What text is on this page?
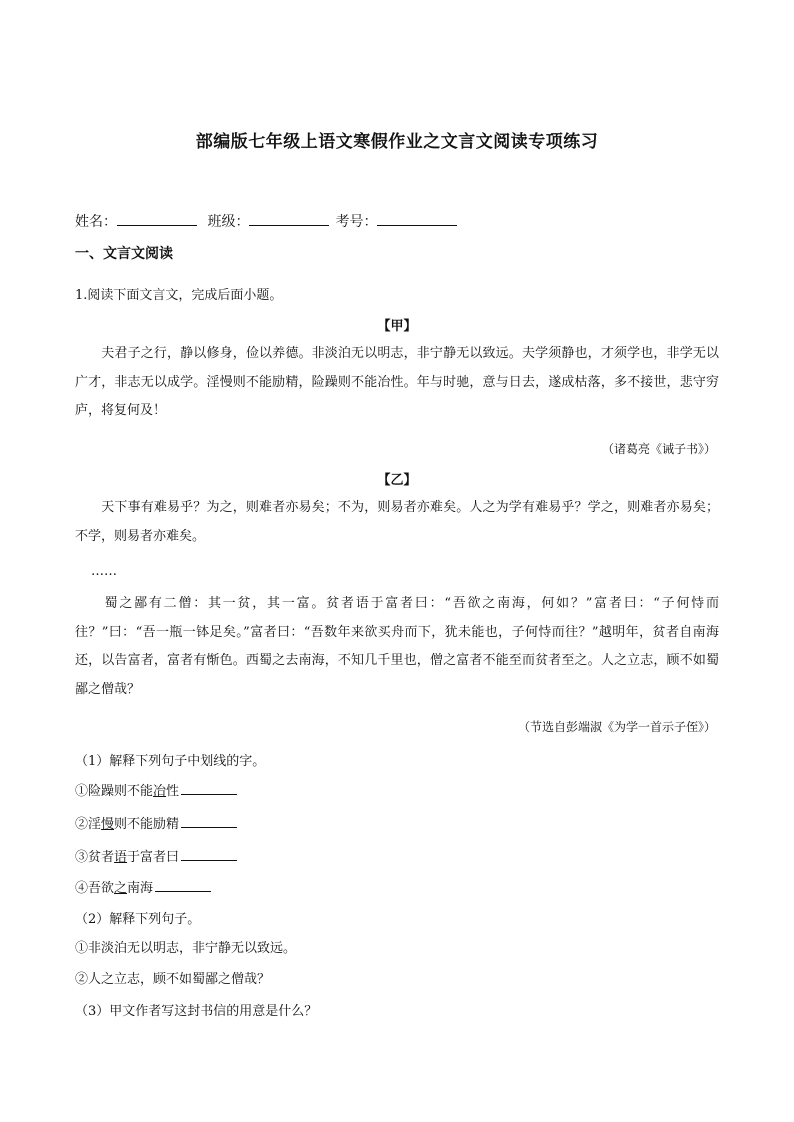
部编版七年级上语文寒假作业之文言文阅读专项练习
姓名：	班级：	考号：
一、文言文阅读
1.阅读下面文言文，完成后面小题。
【甲】
　　夫君子之行，静以修身，俭以养德。非淡泊无以明志，非宁静无以致远。夫学须静也，才须学也，非学无以广才，非志无以成学。淫慢则不能励精，险躁则不能冶性。年与时驰，意与日去，遂成枯落，多不接世，悲守穷庐，将复何及！
（诸葛亮《诫子书》）
【乙】
　　天下事有难易乎？为之，则难者亦易矣；不为，则易者亦难矣。人之为学有难易乎？学之，则难者亦易矣；不学，则易者亦难矣。
……
　　蜀之鄙有二僧：其一贫，其一富。贫者语于富者曰：“吾欲之南海，何如？”富者曰：“子何恃而往？”曰：“吾一瓶一钵足矣。”富者曰：“吾数年来欲买舟而下，犹未能也，子何恃而往？”越明年，贫者自南海还，以告富者，富者有惭色。西蜀之去南海，不知几千里也，僧之富者不能至而贫者至之。人之立志，顾不如蜀鄙之僧哉？
（节选自彭端淑《为学一首示子侄》）
（1）解释下列句子中划线的字。
①险躁则不能冶性
②淫慢则不能励精
③贫者语于富者曰
④吾欲之南海
（2）解释下列句子。
①非淡泊无以明志，非宁静无以致远。
②人之立志，顾不如蜀鄙之僧哉？
（3）甲文作者写这封书信的用意是什么？
